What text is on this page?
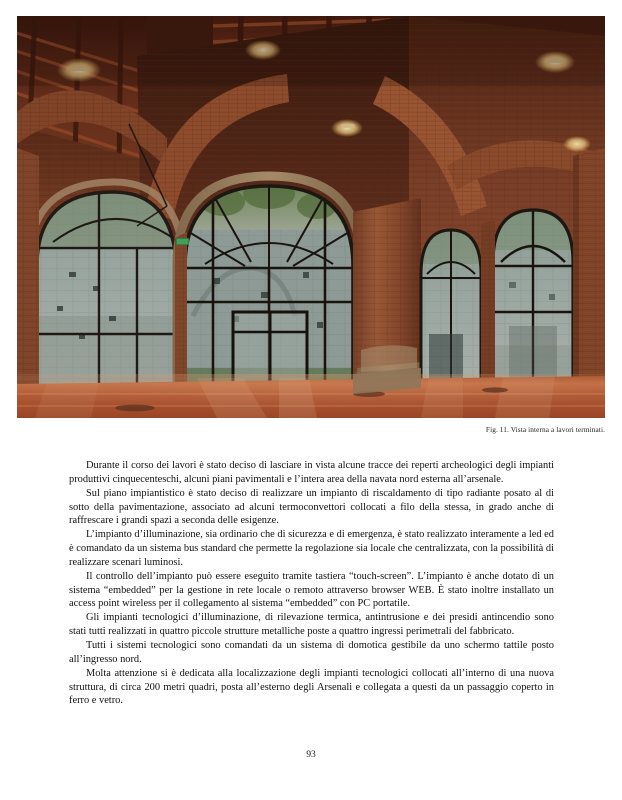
Fig. 11. Vista interna a lavori terminati.

Durante il corso dei lavori è stato deciso di lasciare in vista alcune tracce dei reperti archeologici degli impianti produttivi cinquecenteschi, alcuni piani pavimentali e l’intera area della navata nord esterna all’arsenale.

Sul piano impiantistico è stato deciso di realizzare un impianto di riscaldamento di tipo radiante posato al di sotto della pavimentazione, associato ad alcuni termoconvettori collocati a filo della stessa, in grado anche di raffrescare i grandi spazi a seconda delle esigenze.

L’impianto d’illuminazione, sia ordinario che di sicurezza e di emergenza, è stato realizzato interamente a led ed è comandato da un sistema bus standard che permette la regolazione sia locale che centralizzata, con la possibilità di realizzare scenari luminosi.

Il controllo dell’impianto può essere eseguito tramite tastiera “touch-screen”. L’impianto è anche dotato di un sistema “embedded” per la gestione in rete locale o remoto attraverso browser WEB. È stato inoltre installato un access point wireless per il collegamento al sistema “embedded” con PC portatile.

Gli impianti tecnologici d’illuminazione, di rilevazione termica, antintrusione e dei presidi antincendio sono stati tutti realizzati in quattro piccole strutture metalliche poste a quattro ingressi perimetrali del fabbricato.

Tutti i sistemi tecnologici sono comandati da un sistema di domotica gestibile da uno schermo tattile posto all’ingresso nord.

Molta attenzione si è dedicata alla localizzazione degli impianti tecnologici collocati all’interno di una nuova struttura, di circa 200 metri quadri, posta all’esterno degli Arsenali e collegata a questi da un passaggio coperto in ferro e vetro.

93
